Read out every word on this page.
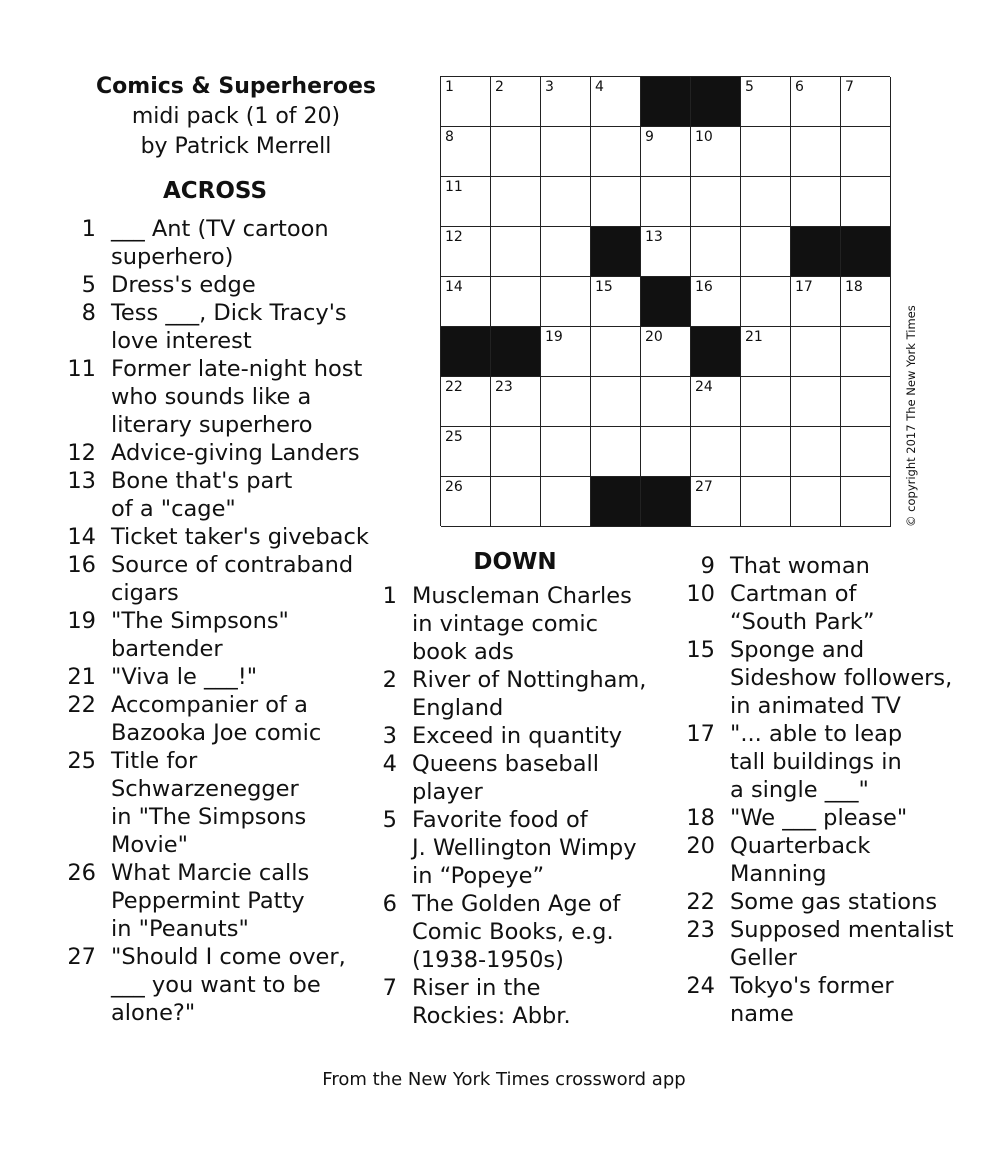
Comics & Superheroes
midi pack (1 of 20)
by Patrick Merrell
ACROSS
DOWN
1 ___ Ant (TV cartoon
superhero)
5 Dress's edge
8 Tess ___, Dick Tracy's
love interest
11 Former late-night host
who sounds like a
literary superhero
12 Advice-giving Landers
13 Bone that's part
of a "cage"
14 Ticket taker's giveback
16 Source of contraband
cigars
19 "The Simpsons"
bartender
21 "Viva le ___!"
22 Accompanier of a
Bazooka Joe comic
25 Title for
Schwarzenegger
in "The Simpsons
Movie"
26 What Marcie calls
Peppermint Patty
in "Peanuts"
27 "Should I come over,
___ you want to be
alone?"
1 Muscleman Charles
in vintage comic
book ads
2 River of Nottingham,
England
3 Exceed in quantity
4 Queens baseball
player
5 Favorite food of
J. Wellington Wimpy
in “Popeye”
6 The Golden Age of
Comic Books, e.g.
(1938-1950s)
7 Riser in the
Rockies: Abbr.
9 That woman
10 Cartman of
“South Park”
15 Sponge and
Sideshow followers,
in animated TV
17 "... able to leap
tall buildings in
a single ___"
18 "We ___ please"
20 Quarterback
Manning
22 Some gas stations
23 Supposed mentalist
Geller
24 Tokyo's former
name
1	2	3	4	5	6	7
8	9	10
11
12	13
14	15	16	17 18
19	20	21
22 23	24
25
26	27	© copyright 2017 The New York Times
From the New York Times crossword app
